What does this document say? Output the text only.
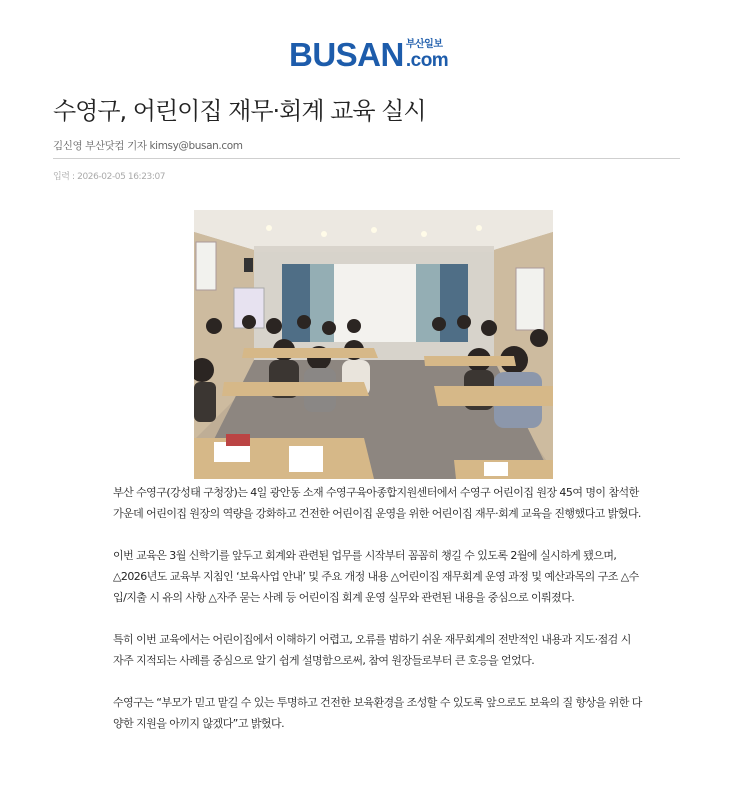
BUSAN 부산일보
.com
수영구, 어린이집 재무·회계 교육 실시
김신영 부산닷컴 기자 kimsy@busan.com
입력 : 2026-02-05 16:23:07

부산 수영구(강성태 구청장)는 4일 광안동 소재 수영구육아종합지원센터에서 수영구 어린이집 원장 45여 명이 참석한 가운데 어린이집 원장의 역량을 강화하고 건전한 어린이집 운영을 위한 어린이집 재무·회계 교육을 진행했다고 밝혔다.

이번 교육은 3월 신학기를 앞두고 회계와 관련된 업무를 시작부터 꼼꼼히 챙길 수 있도록 2월에 실시하게 됐으며, △2026년도 교육부 지침인 ‘보육사업 안내’ 및 주요 개정 내용 △어린이집 재무회계 운영 과정 및 예산과목의 구조 △수입/지출 시 유의 사항 △자주 묻는 사례 등 어린이집 회계 운영 실무와 관련된 내용을 중심으로 이뤄졌다.

특히 이번 교육에서는 어린이집에서 이해하기 어렵고, 오류를 범하기 쉬운 재무회계의 전반적인 내용과 지도·점검 시 자주 지적되는 사례를 중심으로 알기 쉽게 설명함으로써, 참여 원장들로부터 큰 호응을 얻었다.

수영구는 “부모가 믿고 맡길 수 있는 투명하고 건전한 보육환경을 조성할 수 있도록 앞으로도 보육의 질 향상을 위한 다양한 지원을 아끼지 않겠다”고 밝혔다.
